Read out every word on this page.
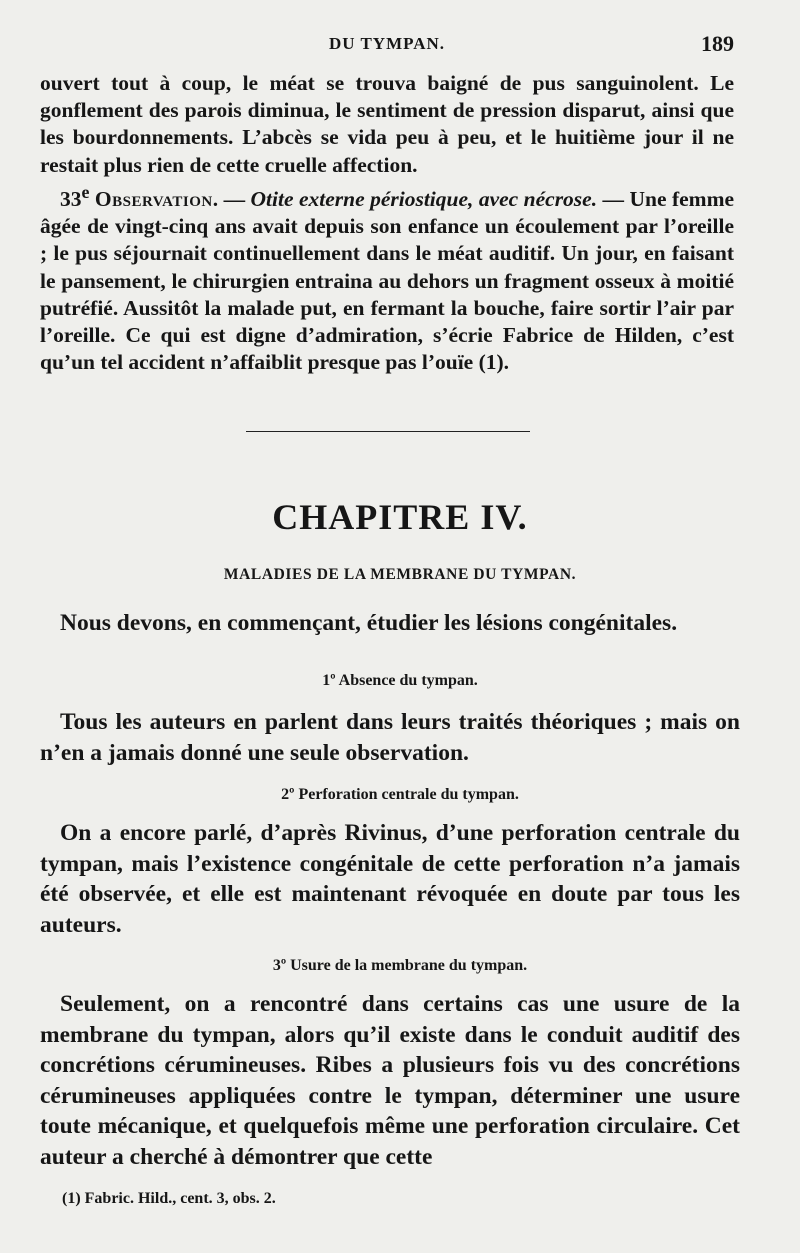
DU TYMPAN.	189

ouvert tout à coup, le méat se trouva baigné de pus sanguinolent. Le gonflement des parois diminua, le sentiment de pression disparut, ainsi que les bourdonnements. L’abcès se vida peu à peu, et le huitième jour il ne restait plus rien de cette cruelle affection.

33e Observation. — Otite externe périostique, avec nécrose. — Une femme âgée de vingt-cinq ans avait depuis son enfance un écoulement par l’oreille ; le pus séjournait continuellement dans le méat auditif. Un jour, en faisant le pansement, le chirurgien entraina au dehors un fragment osseux à moitié putréfié. Aussitôt la malade put, en fermant la bouche, faire sortir l’air par l’oreille. Ce qui est digne d’admiration, s’écrie Fabrice de Hilden, c’est qu’un tel accident n’affaiblit presque pas l’ouïe (1).

CHAPITRE IV.
MALADIES DE LA MEMBRANE DU TYMPAN.

Nous devons, en commençant, étudier les lésions congénitales.

1º Absence du tympan.

Tous les auteurs en parlent dans leurs traités théoriques ; mais on n’en a jamais donné une seule observation.

2º Perforation centrale du tympan.

On a encore parlé, d’après Rivinus, d’une perforation centrale du tympan, mais l’existence congénitale de cette perforation n’a jamais été observée, et elle est maintenant révoquée en doute par tous les auteurs.

3º Usure de la membrane du tympan.

Seulement, on a rencontré dans certains cas une usure de la membrane du tympan, alors qu’il existe dans le conduit auditif des concrétions cérumineuses. Ribes a plusieurs fois vu des concrétions cérumineuses appliquées contre le tympan, déterminer une usure toute mécanique, et quelquefois même une perforation circulaire. Cet auteur a cherché à démontrer que cette

(1) Fabric. Hild., cent. 3, obs. 2.
